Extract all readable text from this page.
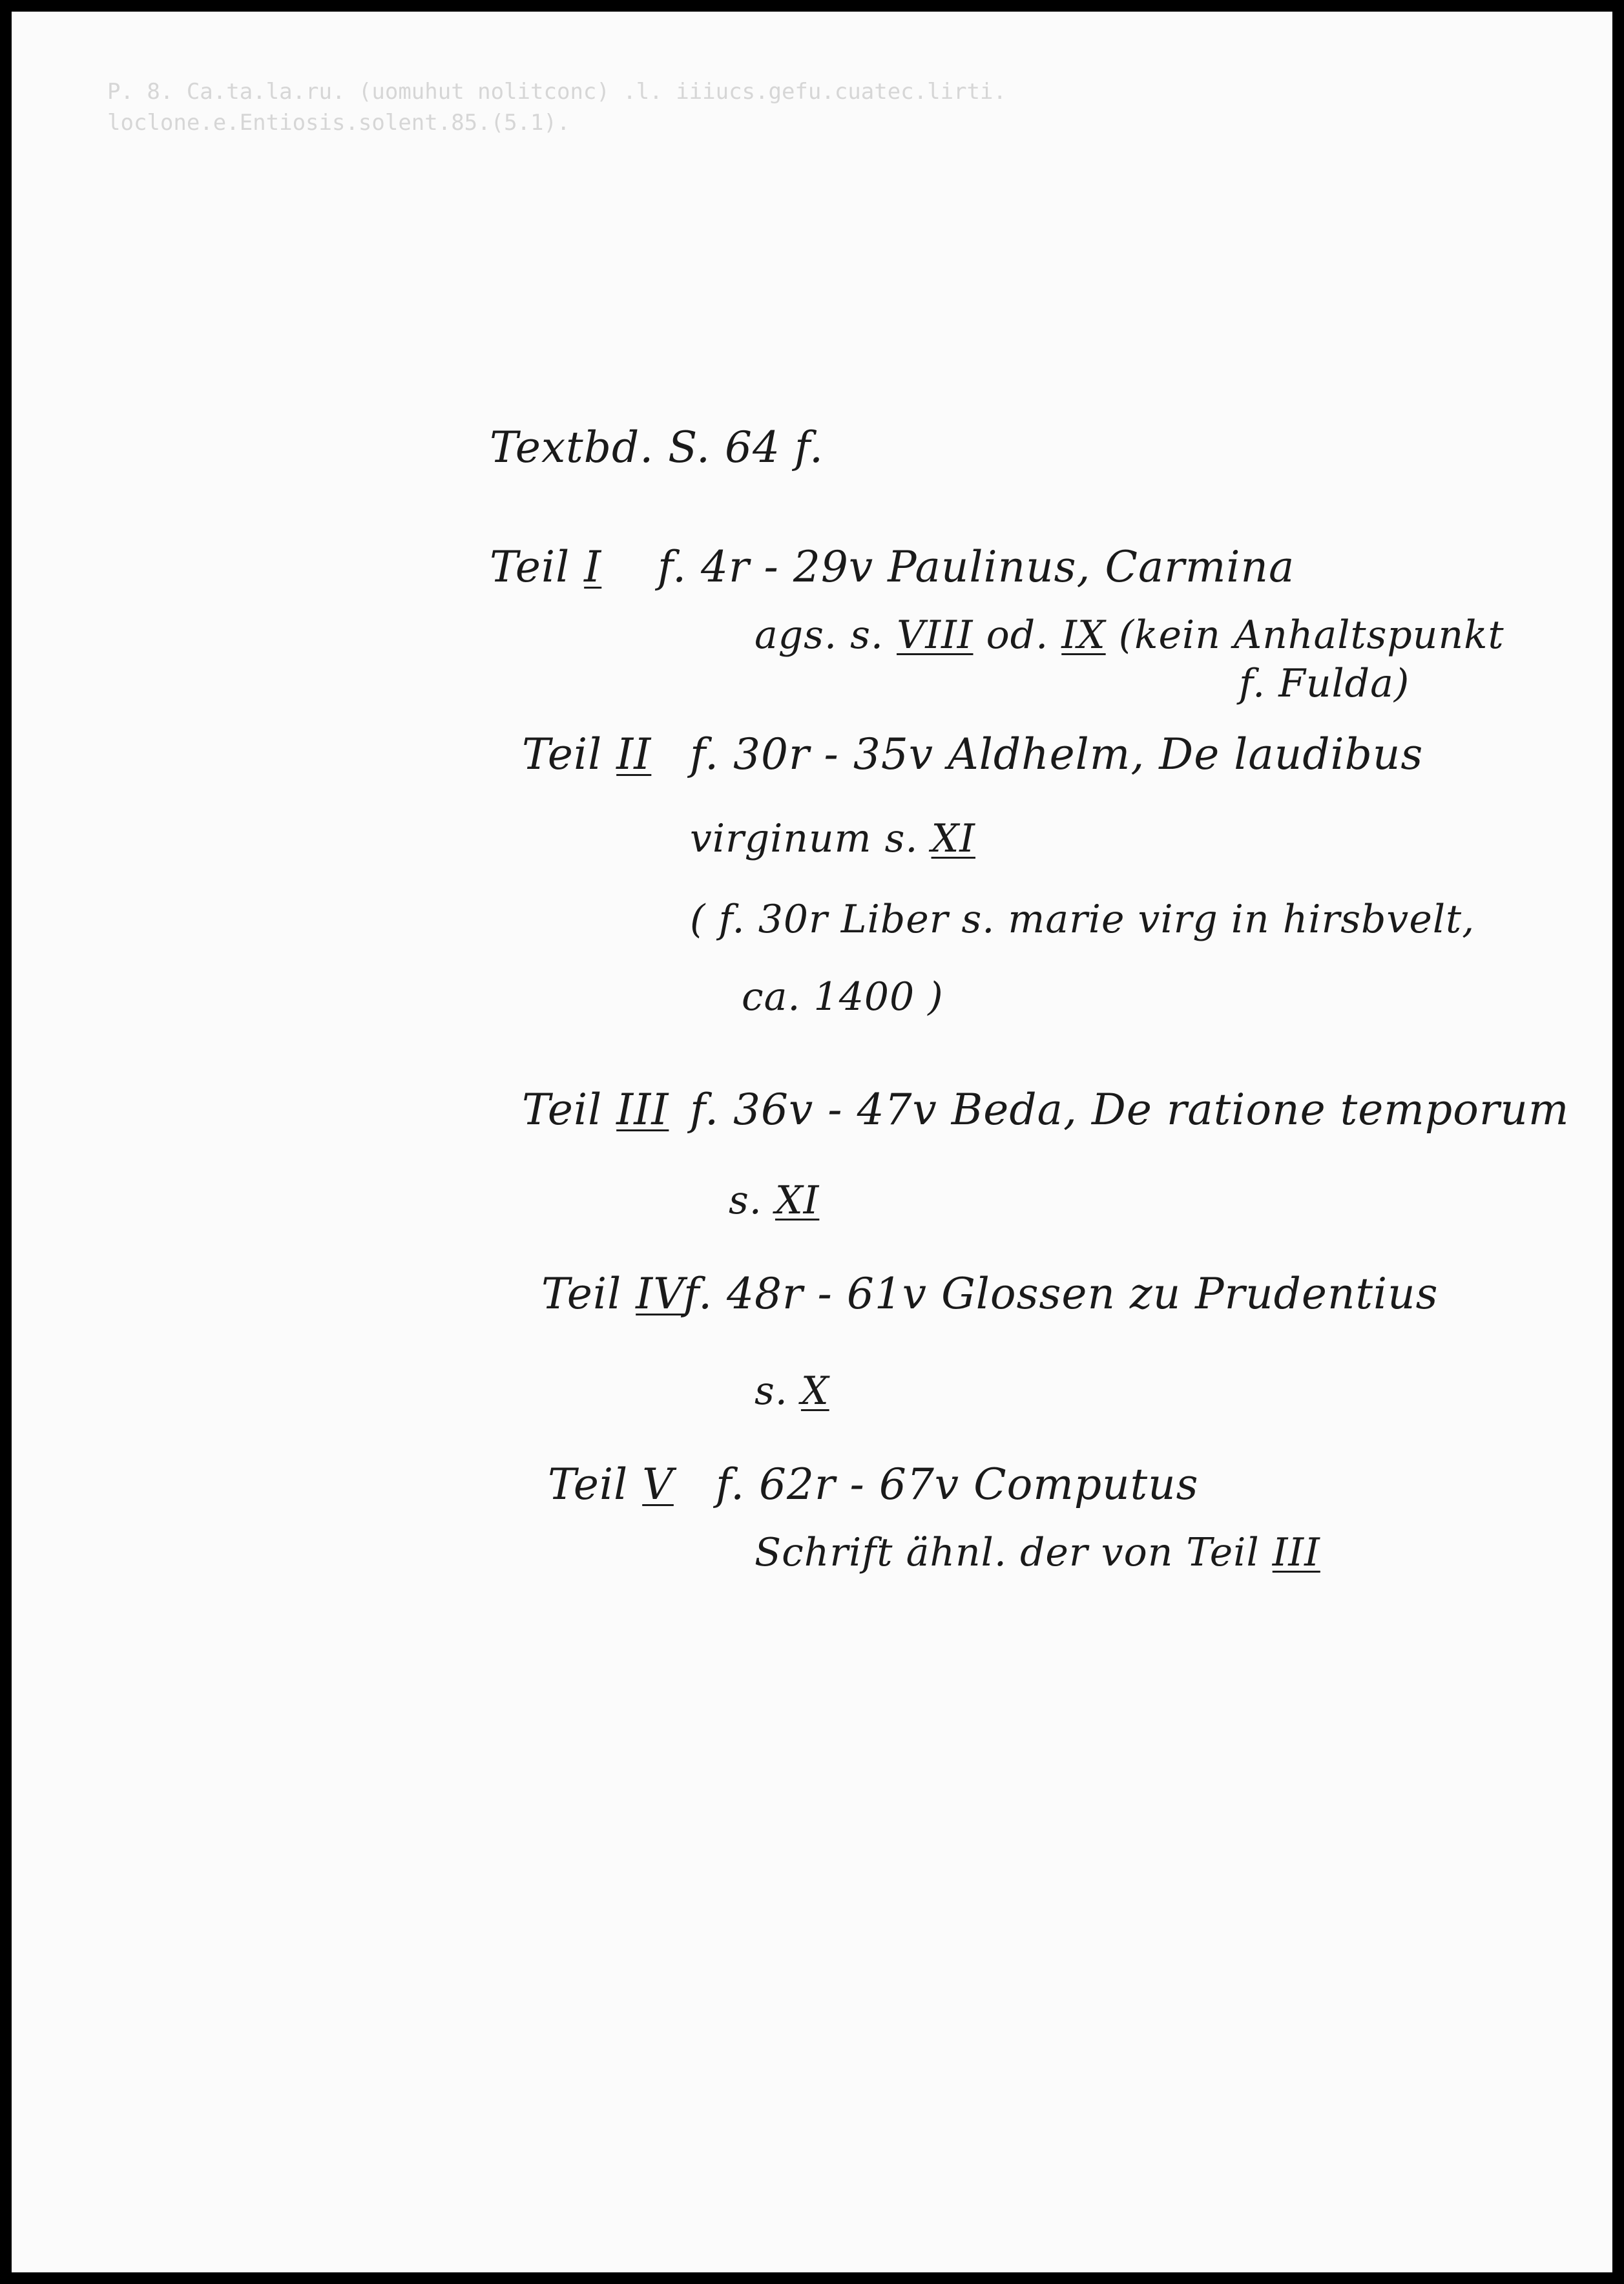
P. 8. Ca.ta.la.ru. (uomuhut nolitconc) .l. iiiucs.gefu.cuatec.lirti.
loclone.e.Entiosis.solent.85.(5.1).
Textbd. S. 64 f.
Teil I f. 4r - 29v Paulinus, Carmina
ags. s. VIII od. IX (kein Anhaltspunkt
f. Fulda)
Teil II f. 30r - 35v Aldhelm, De laudibus
virginum s. XI
( f. 30r Liber s. marie virg in hirsbvelt,
ca. 1400 )
Teil III f. 36v - 47v Beda, De ratione temporum
s. XI
Teil IVf. 48r - 61v Glossen zu Prudentius
s. X
Teil V f. 62r - 67v Computus
Schrift ähnl. der von Teil III
